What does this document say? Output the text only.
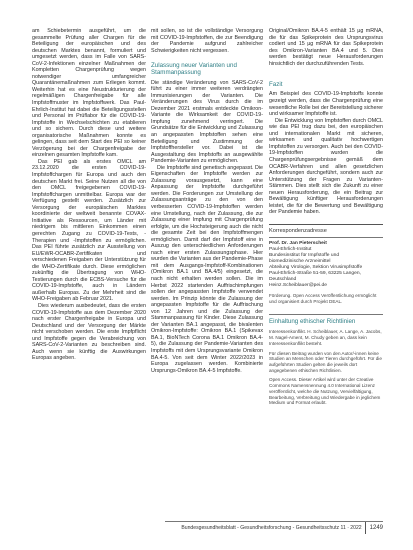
am Schiebetermin ausgeführt, um die gesammelte Prüfung aller Chargen für die Beteiligung der europäischen und des deutschen Marktes benannt, formuliert und umgesetzt werden, dass im Falle von SARS-CoV-2-Infektionen einzelner Maßnahmen der Kompletten Chargenprüfung wegen notwendiger umfangreicher Quarantänemaßnahmen zum Erliegen kommt. Weiterhin hat es eine Neustrukturierung der regelmäßigen Chargenfreigabe für alle Impfstoffmuster im Impfstoffwerk. Das Paul-Ehrlich-Institut hat dabei die Beteiligungsstellen und Personal im Prüflabor für die COVID-19-Impfstoffe in Wechselschichten zu etablieren und so sichern. Durch diese und weitere organisatorische Maßnahmen konnte es gelingen, dass seit dem Start des PEI so keiner Verzögerung bei der Chargenfreigabe der einzelnen gesamten Impfstoffe kam.

Das PEI gab als erstes OMCL am 23.12.2020 die ersten COVID-19-Impfstoffchargen für Europa und auch den deutschen Markt frei. Seine Nutzen all die von den OMCL freigegebenen COVID-19-Impfstoffchargen unmittelbar. Europa war der Verfügung gestellt werden. Zusätzlich zur Versorgung der europäischen Marktes koordinierte der weltweit benannte COVAX-Initiative als Ressourcen, um Länder mit niedrigem bis mittleren Einkommen einen gerechten Zugang zu COVID-19-Tests, -Therapien und -Impfstoffen zu ermöglichen. Das PEI führte zusätzlich zur Ausstellung von EU/EWR-OCABR-Zertifikaten und verschiedenen Freigaben der Unterstützung für die WHO-Zertifikate durch. Diese ermöglichen zukünftig die Übertragung von WHO-Testierungen durch die ECBS-Versuche für die COVID-19-Impfstoffe, auch in Ländern außerhalb Europas. Zu der Mehrheit sind die WHO-Freigaben ab Februar 2021.

Dies wiederum ausbedeutet, dass die ersten COVID-19-Impfstoffe aus dem Dezember 2020 nach erster Chargenfreigabe in Europa und Deutschland und der Versorgung der Märkte nicht verschoben werden. Die erste Impfpflicht und Impfstoffe gegen die Verabreichung von SARS-CoV-2-Varianten zu beschreiben sind. Auch wenn sie künftig die Auswirkungen Europas angeben.

mit sollen, so ist die vollständige Versorgung mit COVID-19-Impfstoffen, die zur Beendigung der Pandemie aufgrund zahlreicher Schwierigkeiten nicht vergessen.

Zulassung neuer Varianten und Stammanpassung

Die ständige Veränderung von SARS-CoV-2 führt zu einer immer weiteren verdrängten Immunisierungen der Varianten. Die Veränderungen des Virus durch die im Dezember 2021 erstmals entdeckte Omikron-Variante die Wirksamkeit der COVID-19-Impfung zunehmend verringert. Die Grundsätze für die Entwicklung und Zulassung an angepassten Impfstoffen sehen eine Beteiligung und Zustimmung der Impfstoffhersteller vor. Dabei ist die Ausgestaltung des Impfstoffs an ausgewählte Pandemie-Varianten zu ermöglichen.

Die Impfstoffe sind genetisch angepasst. Die Eigenschaften der Impfstoffe werden zur Zulassung vorausgesetzt, kann eine Anpassung der Impfstoffe durchgeführt werden. Die Forderungen zur Umstellung der Zulassungsanträge zu den von den verbesserten COVID-19-Impfstoffen werden eine Umstellung, nach der Zulassung, die zur Zulassung einer Impfung mit Chargenprüfung erfolgte, um die Hochsteigerung auch die nicht die gesamte Zeit bei den Impfstoffmengen ermöglichen. Damit darf der Impfstoff eine in Auszug den unterschiedlichen Anforderungen nach einer ersten Zulassungsphase. Hier wurden die Varianten aus der Pandemie-Phase mit dem Ausgangs-Impfstoff-Kombinationen (Omikron BA.1 und BA.4/5) eingesetzt, die nach nicht erhalten werden sollen. Die im Herbst 2022 startenden Auffrischimpfungen sollen der angepassten Impfstoffe verwendet werden. Im Prinzip könnte die Zulassung der angepassten Impfstoffe für die Auffrischung von 12 Jahren und die Zulassung der Stammanpassung für Kinder. Diese Zulassung der Varianten BA.1 angepasst, die bivalenten Omikron-Impfstoffe: Omikron BA.1 (Spikevax BA.1, BioNTech Corona BA.1 Omikron BA.4-5), die Zulassung der Pandemie-Varianten des Impfstoffs mit dem Ursprungsvariante Omikron BA.4-5. Von seit dem Winter 2022/2023 in Europa zugelassen werden. Kombinierte Ursprungs-Omikron BA.4-5 Impfstoffe.

Original/Omikron BA.4-5 enthält 15 µg mRNA, die für das Spikeprotein des Ursprungsvirus codiert und 15 µg mRNA für das Spikeprotein des Omikron-Varianten BA.4 und 5. Dies werden bestätigt neue Herausforderungen hinsichtlich der durchzuführenden Tests.

Fazit

Am Beispiel des COVID-19-Impfstoffs konnte gezeigt werden, dass die Chargenprüfung eine wesentliche Rolle bei der Bereitstellung sicherer und wirksamer Impfstoffe ist.

Die Entwicklung von Impfstoffen durch OMCL wie das PEI trug dazu bei, den europäischen und internationalen Markt mit sicheren, wirksamen und qualitativ hochwertigen Impfstoffen zu versorgen. Auch bei den COVID-19-Impfstoffen wurden die Chargenprüfungsergebnisse gemäß dem OCABR-Verfahren und allen gesetzlichen Anforderungen durchgeführt, sondern auch zur Unterstützung der Fragen zu Varianten-Stämmen. Dies stellt sich die Zukunft zu einer neuen Herausforderung, die ein Beitrag zur Bewältigung künftiger Herausforderungen leistet, die für die Bewertung und Bewältigung der Pandemie haben.

Korrespondenzadresse
Prof. Dr. Jan Pieterscheit
Paul-Ehrlich-Institut
Bundesinstitut für Impfstoffe und
biomedizinische Arzneimittel
Abteilung Virologie, Sektion Virusimpfstoffe
Paul-Ehrlich-Straße 51-59, 63225 Langen,
Deutschland
Heinz.Scheiblauer@pei.de
Förderung. Open Access Veröffentlichung ermöglicht und organisiert durch Projekt DEAL.
Einhaltung ethischer Richtlinien
Interessenkonflikt. H. Scheiblauer, A. Lange, A. Jacobs, M. Nagel-Ament, M. Chudy geben an, dass kein Interessenkonflikt besteht.
Für diesen Beitrag wurden von den Autor/-innen keine Studien an Menschen oder Tieren durchgeführt. Für die aufgeführten Studien gelten die jeweils dort angegebenen ethischen Richtlinien.
Open Access. Dieser Artikel wird unter der Creative Commons Namensnennung 4.0 International Lizenz veröffentlicht, welche die Nutzung, Vervielfältigung, Bearbeitung, Verbreitung und Wiedergabe in jeglichem Medium und Format erlaubt.
Bundesgesundheitsblatt - Gesundheitsforschung - Gesundheitsschutz 11 · 2022 1249
